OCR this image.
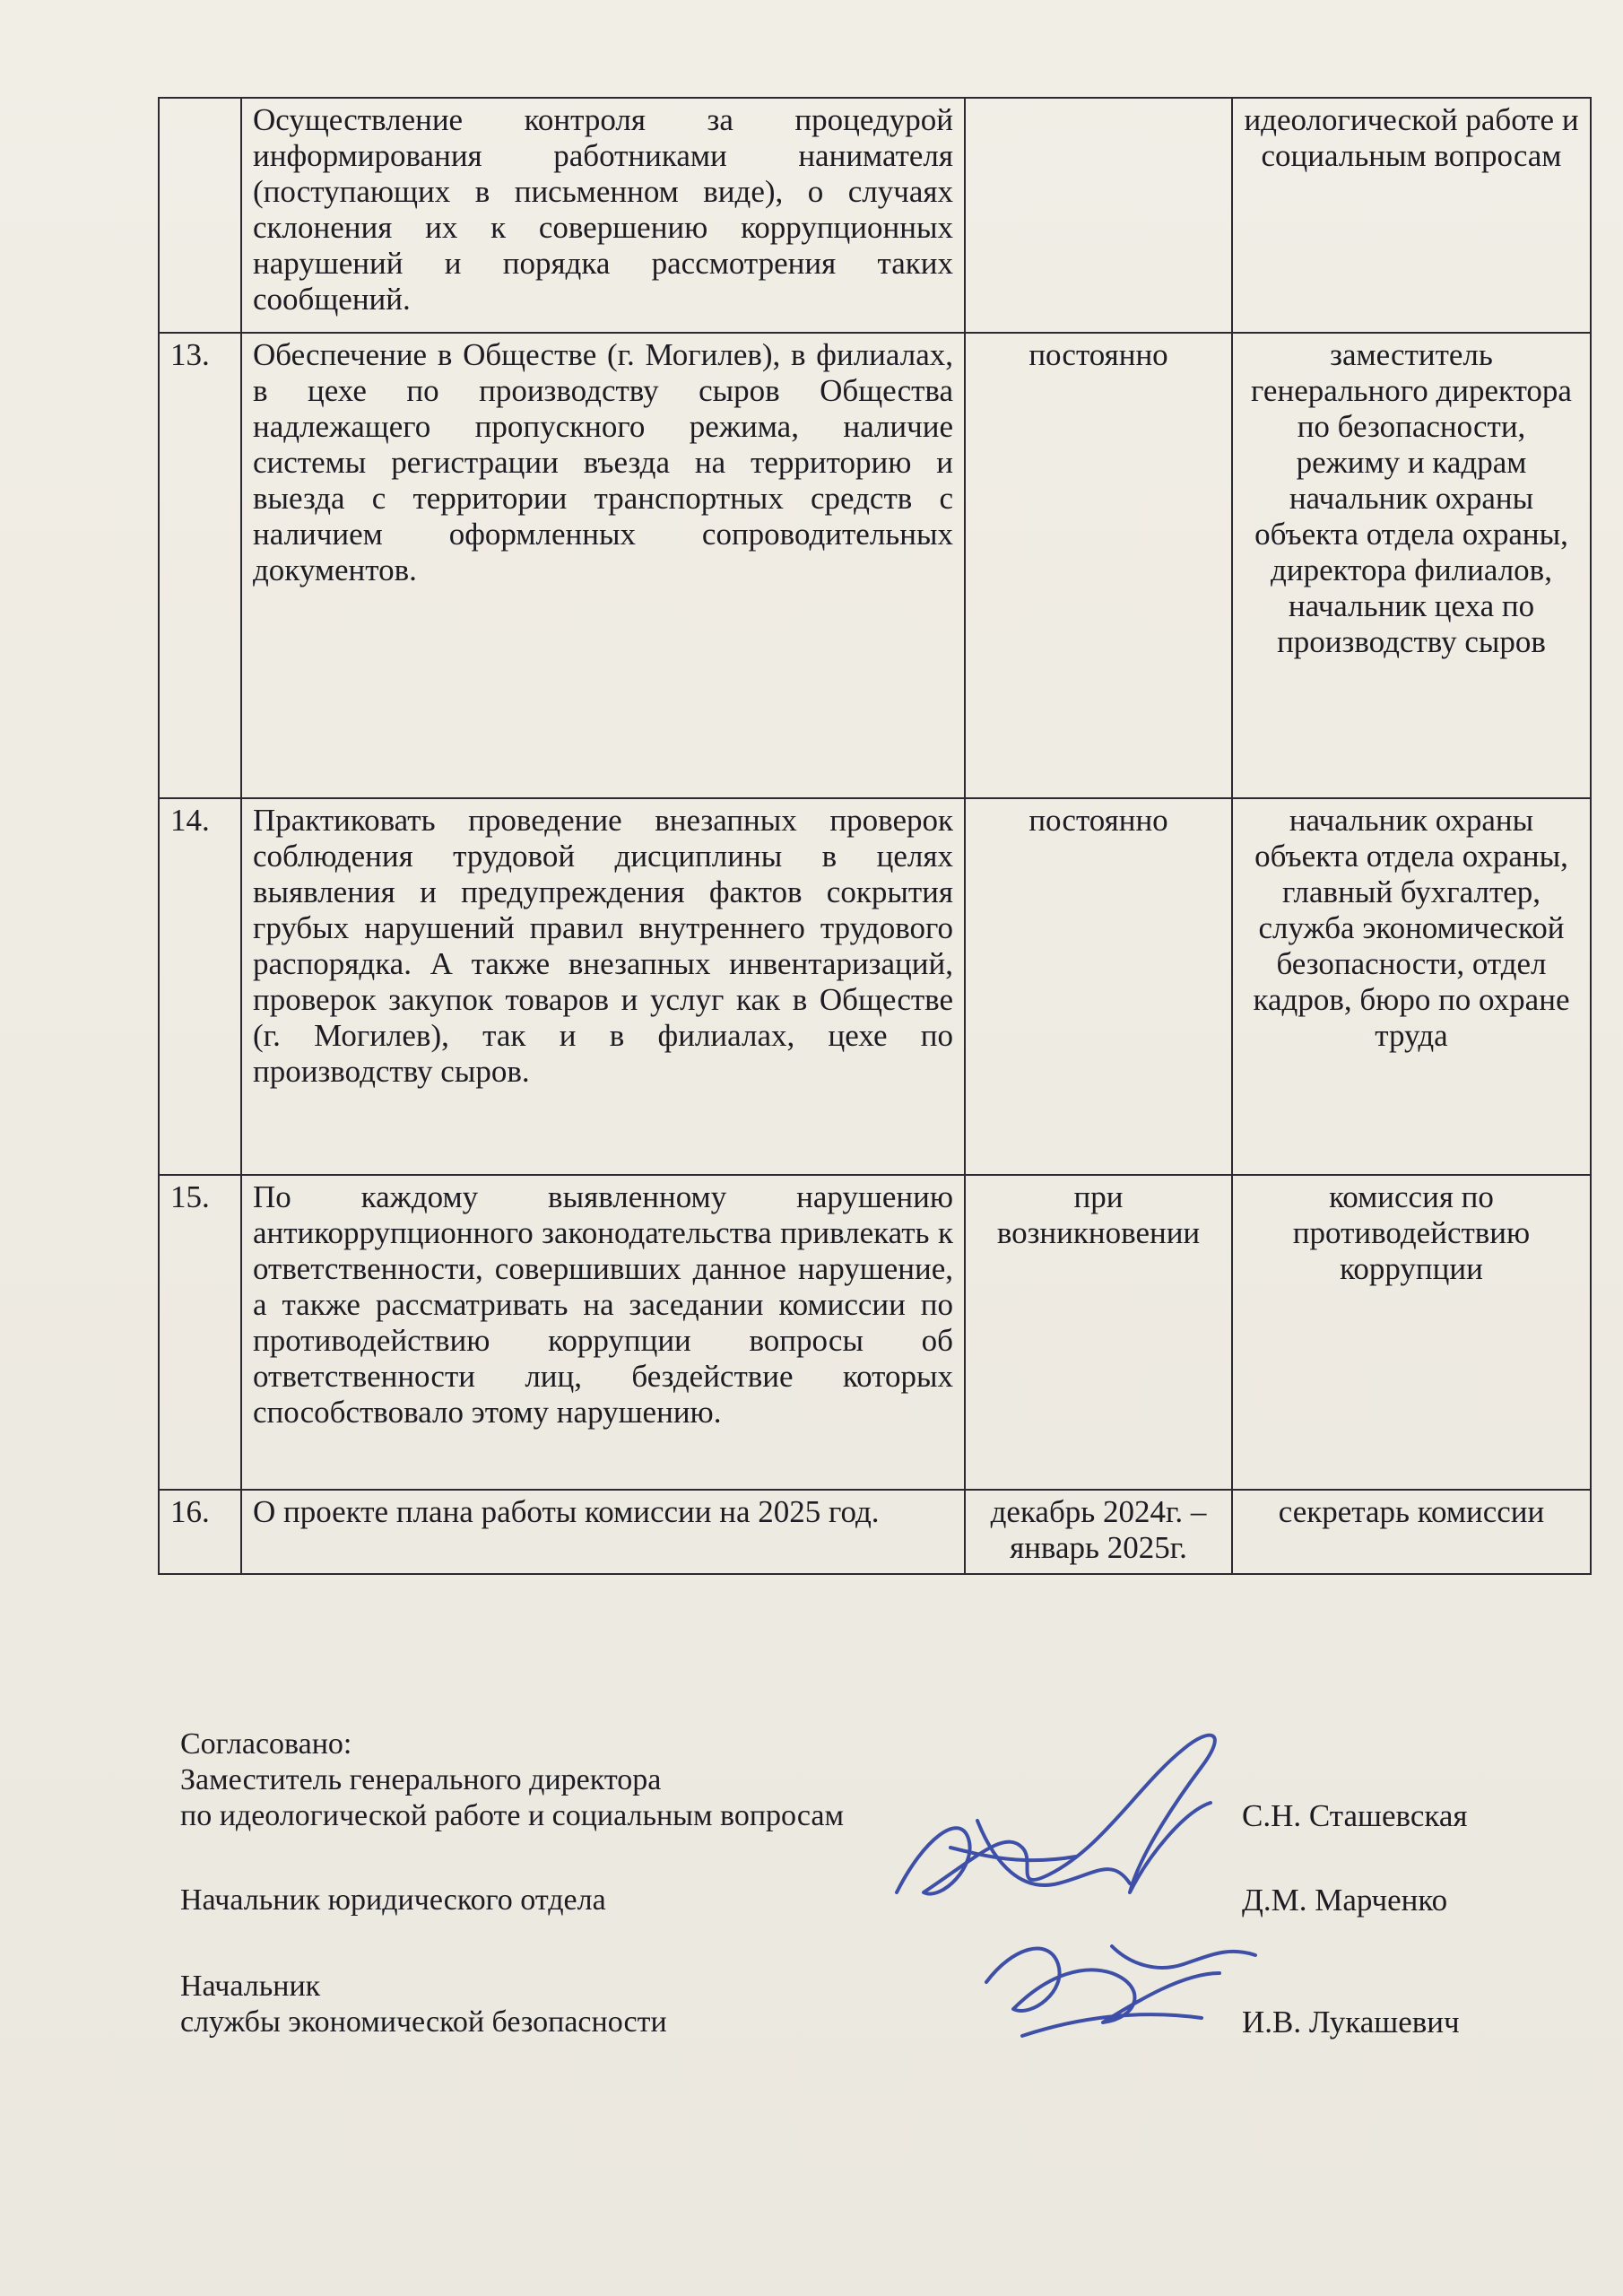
	Осуществление контроля за процедурой информирования работниками нанимателя (поступающих в письменном виде), о случаях склонения их к совершению коррупционных нарушений и порядка рассмотрения таких сообщений.		идеологической работе и социальным вопросам
13.	Обеспечение в Обществе (г. Могилев), в филиалах, в цехе по производству сыров Общества надлежащего пропускного режима, наличие системы регистрации въезда на территорию и выезда с территории транспортных средств с наличием оформленных сопроводительных документов.	постоянно	заместитель генерального директора по безопасности, режиму и кадрам начальник охраны объекта отдела охраны, директора филиалов, начальник цеха по производству сыров
14.	Практиковать проведение внезапных проверок соблюдения трудовой дисциплины в целях выявления и предупреждения фактов сокрытия грубых нарушений правил внутреннего трудового распорядка. А также внезапных инвентаризаций, проверок закупок товаров и услуг как в Обществе (г. Могилев), так и в филиалах, цехе по производству сыров.	постоянно	начальник охраны объекта отдела охраны, главный бухгалтер, служба экономической безопасности, отдел кадров, бюро по охране труда
15.	По каждому выявленному нарушению антикоррупционного законодательства привлекать к ответственности, совершивших данное нарушение, а также рассматривать на заседании комиссии по противодействию коррупции вопросы об ответственности лиц, бездействие которых способствовало этому нарушению.	при возникновении	комиссия по противодействию коррупции
16.	О проекте плана работы комиссии на 2025 год.	декабрь 2024г. – январь 2025г.	секретарь комиссии
Согласовано:
Заместитель генерального директора
по идеологической работе и социальным вопросам	С.Н. Сташевская
Начальник юридического отдела	Д.М. Марченко
Начальник
службы экономической безопасности	И.В. Лукашевич
